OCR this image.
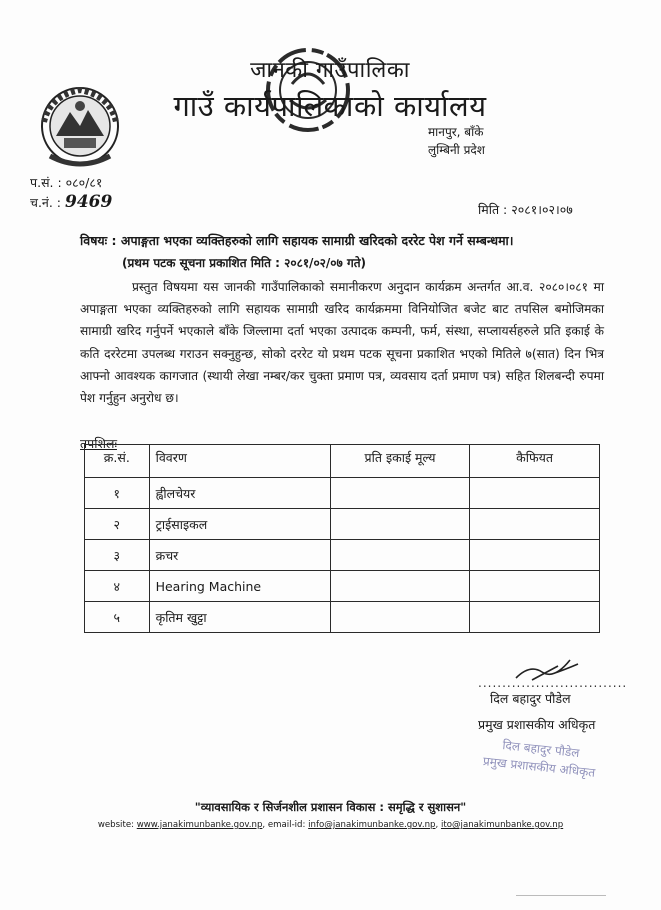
जानकी गाउँपालिका
गाउँ कार्यपालिकाको कार्यालय
मानपुर, बाँके
लुम्बिनी प्रदेश
प.सं. : ०८०/८१
च.नं. : 9469	मिति : २०८१।०२।०७
विषयः : अपाङ्गता भएका व्यक्तिहरुको लागि सहायक सामाग्री खरिदको दररेट पेश गर्ने सम्बन्धमा।
(प्रथम पटक सूचना प्रकाशित मिति : २०८१/०२/०७ गते)
प्रस्तुत विषयमा यस जानकी गाउँपालिकाको समानीकरण अनुदान कार्यक्रम अन्तर्गत आ.व. २०८०।०८१ मा अपाङ्गता भएका व्यक्तिहरुको लागि सहायक सामाग्री खरिद कार्यक्रममा विनियोजित बजेट बाट तपसिल बमोजिमका सामाग्री खरिद गर्नुपर्ने भएकाले बाँके जिल्लामा दर्ता भएका उत्पादक कम्पनी, फर्म, संस्था, सप्लायर्सहरुले प्रति इकाई के कति दररेटमा उपलब्ध गराउन सक्नुहुन्छ, सोको दररेट यो प्रथम पटक सूचना प्रकाशित भएको मितिले ७(सात) दिन भित्र आफ्नो आवश्यक कागजात (स्थायी लेखा नम्बर/कर चुक्ता प्रमाण पत्र, व्यवसाय दर्ता प्रमाण पत्र) सहित शिलबन्दी रुपमा पेश गर्नुहुन अनुरोध छ।
तपशिलः
क्र.सं.	विवरण	प्रति इकाई मूल्य	कैफियत
१	ह्वीलचेयर		
२	ट्राईसाइकल		
३	क्रचर		
४	Hearing Machine		
५	कृतिम खुट्टा		
...............................
दिल बहादुर पौडेल
प्रमुख प्रशासकीय अधिकृत
दिल बहादुर पौडेल
प्रमुख प्रशासकीय अधिकृत
"व्यावसायिक र सिर्जनशील प्रशासन विकास : समृद्धि र सुशासन"
website: www.janakimunbanke.gov.np, email-id: info@janakimunbanke.gov.np, ito@janakimunbanke.gov.np
